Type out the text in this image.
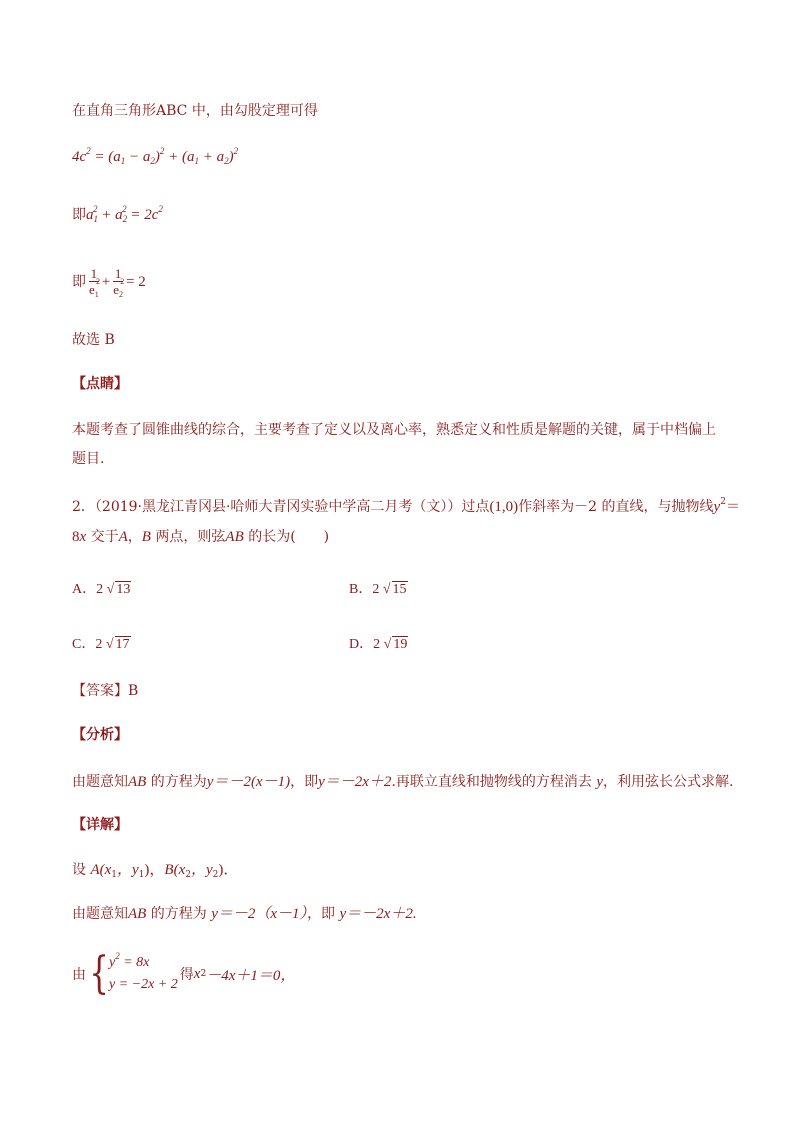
在直角三角形ABC 中，由勾股定理可得
$4c^2 = (a_1 - a_2)^2 + (a_1 + a_2)^2$
即$a_1^2 + a_2^2 = 2c^2$
即 1
e
2
$_1$ + 1
e
2
$_2$ = 2
故选 B
【点睛】
本题考查了圆锥曲线的综合，主要考查了定义以及离心率，熟悉定义和性质是解题的关键，属于中档偏上
题目.
2．（2019·黑龙江青冈县·哈师大青冈实验中学高二月考（文））过点(1,0)作斜率为－2 的直线，与抛物线$y^2=$
8x 交于A，B 两点，则弦AB 的长为(　　)
A．2 √ 13	B．2 √ 15
C．2 √ 17	D．2 √ 19
【答案】B
【分析】
由题意知AB 的方程为y＝－2(x－1)，即y＝－2x＋2.再联立直线和抛物线的方程消去 y，利用弦长公式求解.
【详解】
设 $A(x_1$，$y_1$)，$B(x_2$，$y_2$)．
由题意知AB 的方程为 y＝－2（x－1），即 y＝－2x＋2.
由 { $y^2 = 8x$
y = −2x + 2
得 x 2 －4x＋1＝0，
